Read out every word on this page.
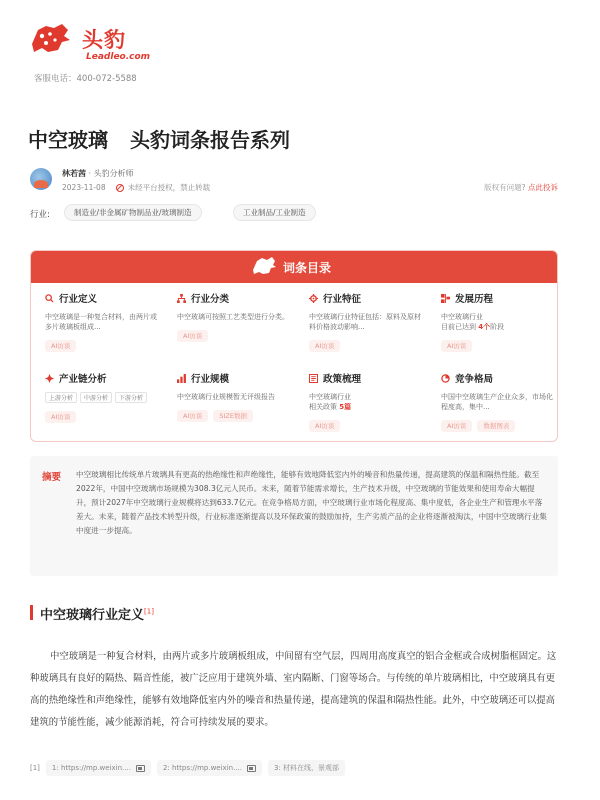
头豹
Leadleo.com
客服电话：400-072-5588
中空玻璃 头豹词条报告系列
林若茜 · 头豹分析师
2023-11-08	未经平台授权，禁止转载	版权有问题? 点此投诉
行业:	制造业/非金属矿物制品业/玻璃制造	工业制品/工业制造
词条目录
行业定义
中空玻璃是一种复合材料，由两片或多片玻璃板组成...
AI访谈
行业分类
中空玻璃可按照工艺类型进行分类。
AI访谈
行业特征
中空玻璃行业特征包括：原料及原材料价格波动影响...
AI访谈
发展历程
中空玻璃行业
目前已达到 4个阶段
AI访谈
产业链分析
上游分析	中游分析	下游分析
AI访谈
行业规模
中空玻璃行业规模暂无评级报告
AI访谈	SIZE数据
政策梳理
中空玻璃行业
相关政策 5篇
AI访谈
竞争格局
中国中空玻璃生产企业众多，市场化程度高，集中...
AI访谈	数据图表
摘要 中空玻璃相比传统单片玻璃具有更高的热绝缘性和声绝缘性，能够有效地降低室内外的噪音和热量传递，提高建筑的保温和隔热性能。截至2022年，中国中空玻璃市场规模为308.3亿元人民币。未来，随着节能需求增长，生产技术升级，中空玻璃的节能效果和使用寿命大幅提升，预计2027年中空玻璃行业规模将达到633.7亿元。在竞争格局方面，中空玻璃行业市场化程度高、集中度低，各企业生产和管理水平落差大。未来，随着产品技术转型升级，行业标准逐渐提高以及环保政策的鼓励加持，生产劣质产品的企业将逐渐被淘汰，中国中空玻璃行业集中度进一步提高。
中空玻璃行业定义[1]
中空玻璃是一种复合材料，由两片或多片玻璃板组成，中间留有空气层，四周用高度真空的铝合金框或合成树脂框固定。这种玻璃具有良好的隔热、隔音性能，被广泛应用于建筑外墙、室内隔断、门窗等场合。与传统的单片玻璃相比，中空玻璃具有更高的热绝缘性和声绝缘性，能够有效地降低室内外的噪音和热量传递，提高建筑的保温和隔热性能。此外，中空玻璃还可以提高建筑的节能性能，减少能源消耗，符合可持续发展的要求。
[1] 1: https://mp.weixin....	2: https://mp.weixin....	3: 材料在线、景观部
